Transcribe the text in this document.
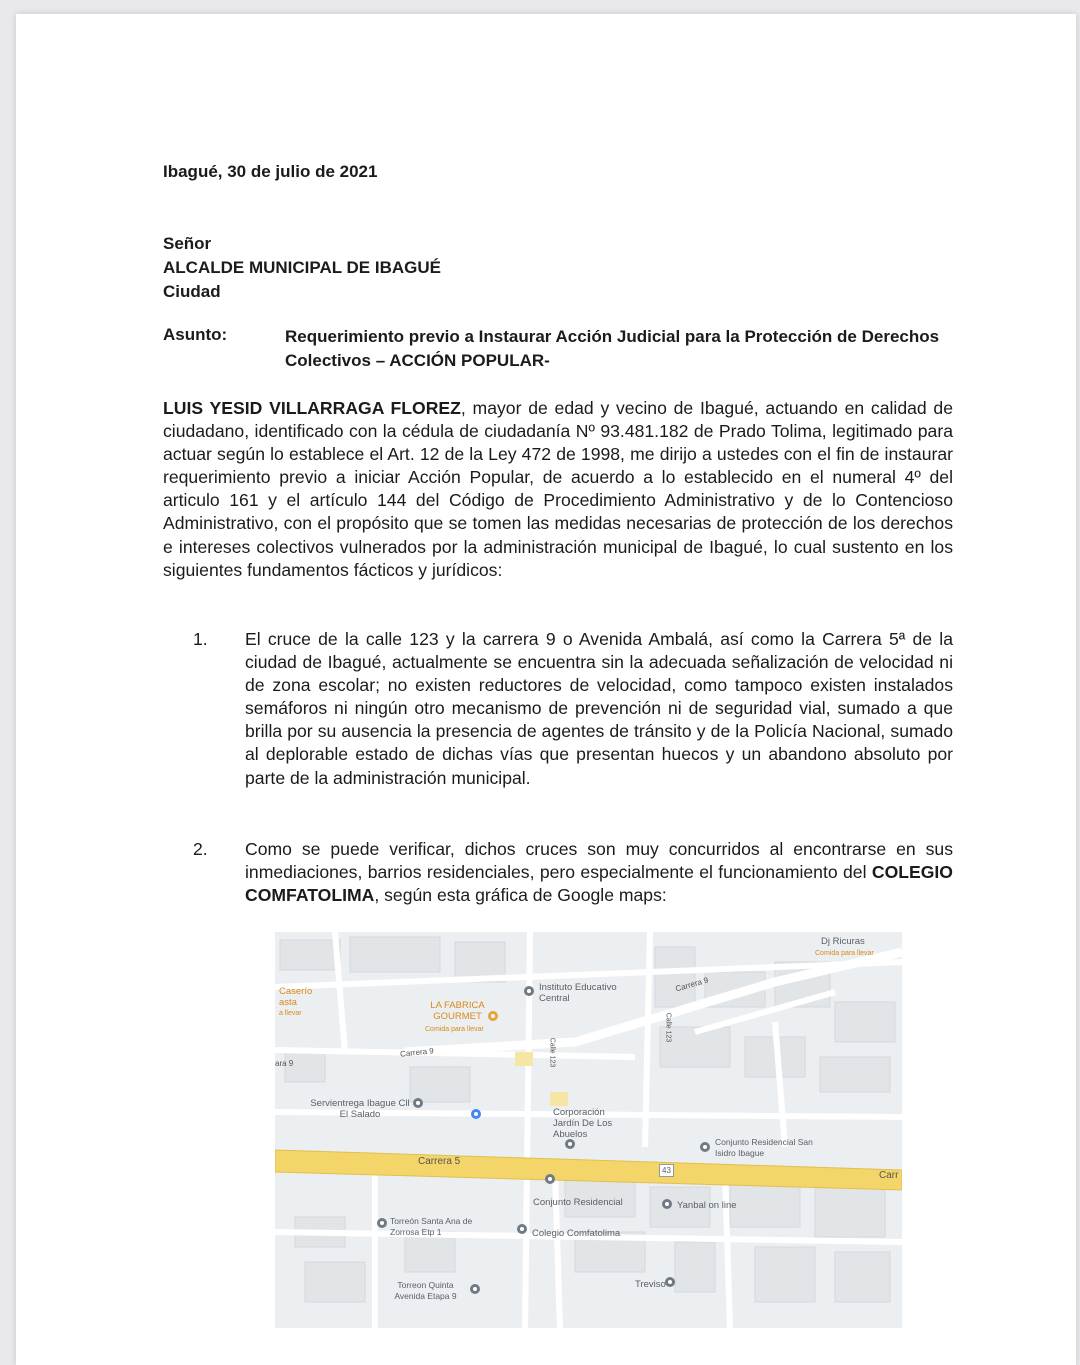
Ibagué, 30 de julio de 2021
Señor
ALCALDE MUNICIPAL DE IBAGUÉ
Ciudad
Asunto:	Requerimiento previo a Instaurar Acción Judicial para la Protección de Derechos Colectivos – ACCIÓN POPULAR-
LUIS YESID VILLARRAGA FLOREZ, mayor de edad y vecino de Ibagué, actuando en calidad de ciudadano, identificado con la cédula de ciudadanía Nº 93.481.182 de Prado Tolima, legitimado para actuar según lo establece el Art. 12 de la Ley 472 de 1998, me dirijo a ustedes con el fin de instaurar requerimiento previo a iniciar Acción Popular, de acuerdo a lo establecido en el numeral 4º del articulo 161 y el artículo 144 del Código de Procedimiento Administrativo y de lo Contencioso Administrativo, con el propósito que se tomen las medidas necesarias de protección de los derechos e intereses colectivos vulnerados por la administración municipal de Ibagué, lo cual sustento en los siguientes fundamentos fácticos y jurídicos:
1. El cruce de la calle 123 y la carrera 9 o Avenida Ambalá, así como la Carrera 5ª de la ciudad de Ibagué, actualmente se encuentra sin la adecuada señalización de velocidad ni de zona escolar; no existen reductores de velocidad, como tampoco existen instalados semáforos ni ningún otro mecanismo de prevención ni de seguridad vial, sumado a que brilla por su ausencia la presencia de agentes de tránsito y de la Policía Nacional, sumado al deplorable estado de dichas vías que presentan huecos y un abandono absoluto por parte de la administración municipal.
2. Como se puede verificar, dichos cruces son muy concurridos al encontrarse en sus inmediaciones, barrios residenciales, pero especialmente el funcionamiento del COLEGIO COMFATOLIMA, según esta gráfica de Google maps:
Dj Ricuras
Comida para llevar
Caserío
asta
a llevar
Instituto Educativo Central
LA FABRICA GOURMET
Comida para llevar
Carrera 9
Carrera 9	Calle 123
Calle 123
Servientrega Ibague Cll El Salado	Corporación Jardín De Los Abuelos
Conjunto Residencial San Isidro Ibague
Carrera 5
Carr
43
Conjunto Residencial	Yanbal on line
Torreón Santa Ana de Zorrosa Etp 1	Colegio Comfatolima
Torreon Quinta Avenida Etapa 9
Treviso
ara 9
